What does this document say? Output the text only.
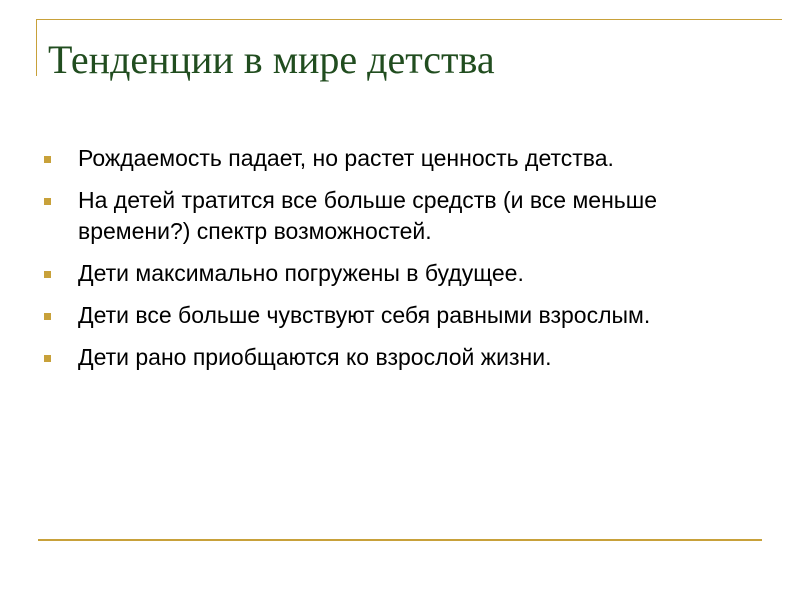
Тенденции в мире детства
Рождаемость падает, но растет ценность детства.
На детей тратится все больше средств (и все меньше времени?) спектр возможностей.
Дети максимально погружены в будущее.
Дети все больше чувствуют себя равными взрослым.
Дети рано приобщаются ко взрослой жизни.
